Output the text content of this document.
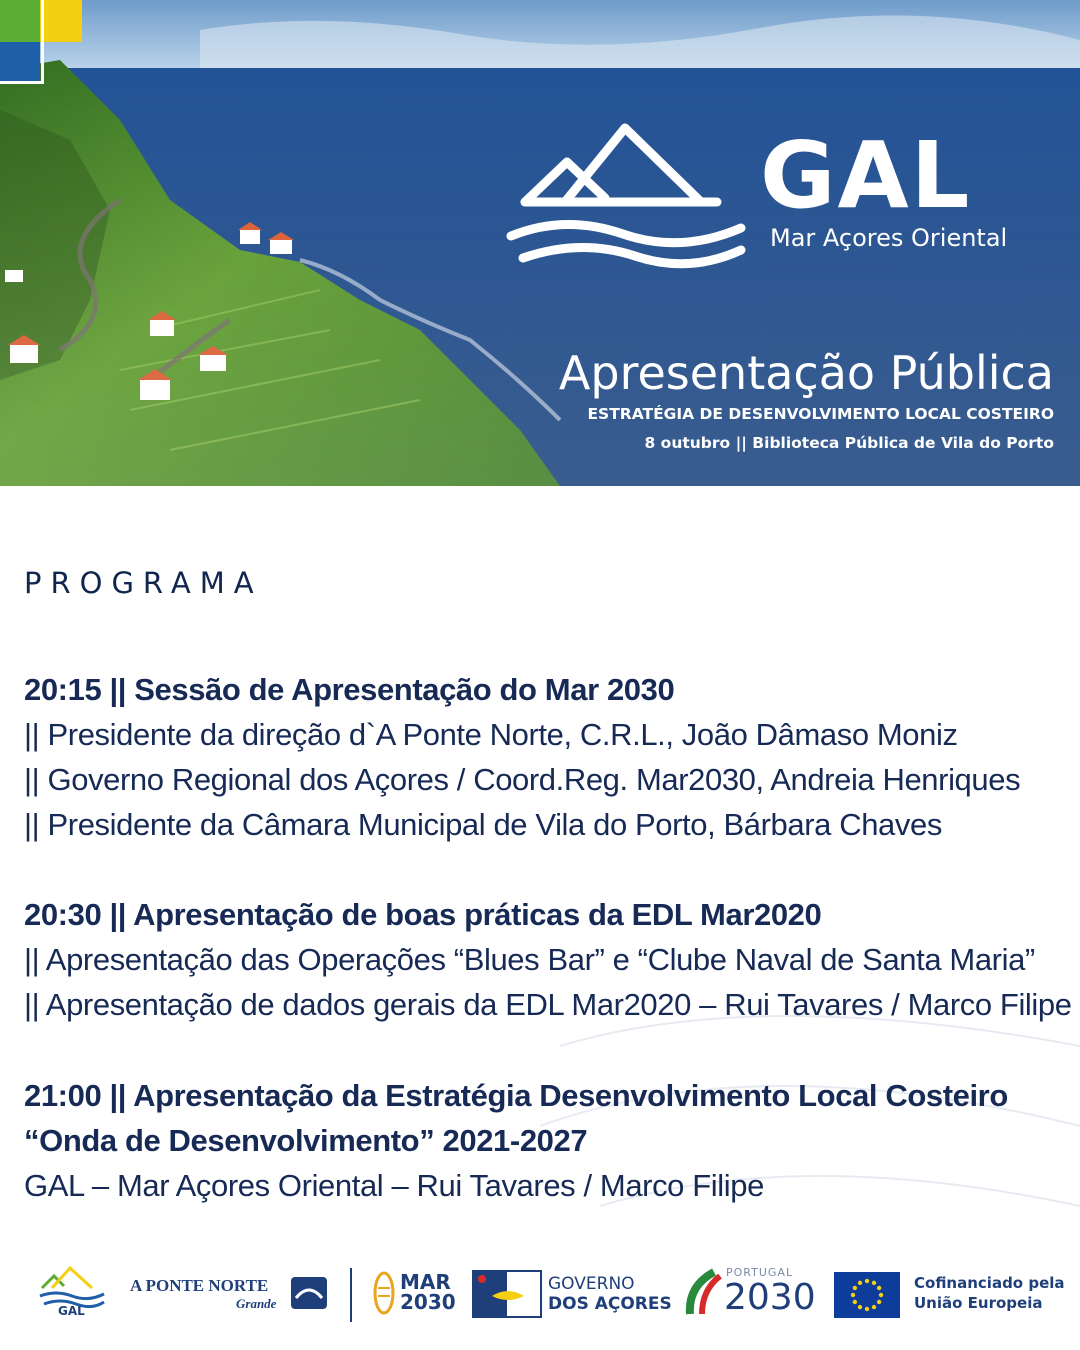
GAL
Mar Açores Oriental
Apresentação Pública
ESTRATÉGIA DE DESENVOLVIMENTO LOCAL COSTEIRO
8 outubro || Biblioteca Pública de Vila do Porto
PROGRAMA
20:15 || Sessão de Apresentação do Mar 2030
|| Presidente da direção d`A Ponte Norte, C.R.L., João Dâmaso Moniz
|| Governo Regional dos Açores / Coord.Reg. Mar2030, Andreia Henriques
|| Presidente da Câmara Municipal de Vila do Porto, Bárbara Chaves
20:30 || Apresentação de boas práticas da EDL Mar2020
|| Apresentação das Operações “Blues Bar” e “Clube Naval de Santa Maria”
|| Apresentação de dados gerais da EDL Mar2020 – Rui Tavares / Marco Filipe
21:00 || Apresentação da Estratégia Desenvolvimento Local Costeiro
“Onda de Desenvolvimento” 2021-2027
GAL – Mar Açores Oriental – Rui Tavares / Marco Filipe
GAL
A PONTE NORTE
Grande
MAR
2030
GOVERNO
DOS AÇORES
PORTUGAL
2030	Cofinanciado pela
União Europeia
